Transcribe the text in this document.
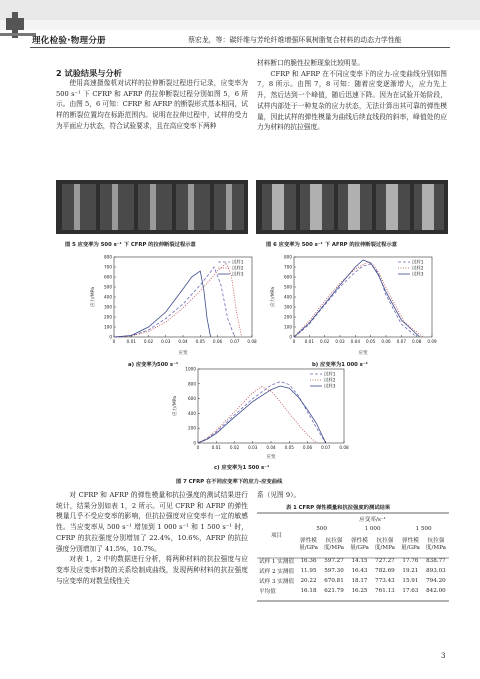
理化检验·物理分册	蔡宏龙，等：碳纤维与芳纶纤维增强环氧树脂复合材料的动态力学性能
2 试验结果与分析

使用高速摄像机对试样的拉伸断裂过程进行记录，应变率为 500 s⁻¹ 下 CFRP 和 AFRP 的拉伸断裂过程分别如图 5，6 所示。由图 5，6 可知：CFRP 和 AFRP 的断裂形式基本相同，试样的断裂位置均在标距范围内。说明在拉伸过程中，试样的受力为平面应力状态，符合试验要求，且在高应变率下两种

材料断口的脆性拉断现象比较明显。

CFRP 和 AFRP 在不同应变率下的应力-应变曲线分别如图 7，8 所示。由图 7，8 可知：随着应变逐渐增大，应力先上升，然后达到一个峰值，随后迅速下降。因为在试验开始阶段，试样内部处于一种复杂的应力状态，无法计算出其可靠的弹性模量，因此试样的弹性模量为曲线后续直线段的斜率，峰值处的应力为材料的抗拉强度。

图 5 应变率为 500 s⁻¹ 下 CFRP 的拉伸断裂过程示意	图 6 应变率为 500 s⁻¹ 下 AFRP 的拉伸断裂过程示意
0	0.01 0.02 0.03 0.04 0.05 0.06 0.07 0.08
0
100
200
300
400
500
600
700
800
应变
应力/MPa
试样1
试样2
试样3
a) 应变率为500 s⁻¹
0 0.01 0.02 0.03 0.04 0.05 0.06 0.07 0.08 0.09
0
100
200
300
400
500
600
700
800
应变
应力/MPa
试样1
试样2
试样3
b) 应变率为1 000 s⁻¹
0	0.01 0.02 0.03 0.04 0.05 0.06 0.07 0.08
0
200
400
600
800
1000
应变
应力/MPa
试样1
试样2
试样3
c) 应变率为1 500 s⁻¹
图 7 CFRP 在不同应变率下的应力-应变曲线

对 CFRP 和 AFRP 的弹性模量和抗拉强度的测试结果进行统计，结果分别如表 1，2 所示。可见 CFRP 和 AFRP 的弹性模量几乎不受应变率的影响，但抗拉强度对应变率有一定的敏感性。当应变率从 500 s⁻¹ 增加到 1 000 s⁻¹ 和 1 500 s⁻¹ 时，CFRP 的抗拉强度分别增加了 22.4%，10.6%，AFRP 的抗拉强度分别增加了 41.5%，10.7%。

对表 1，2 中的数据进行分析，将两种材料的抗拉强度与应变率及应变率对数的关系绘制成曲线，发现两种材料的抗拉强度与应变率的对数呈线性关

系（见图 9）。
表 1 CFRP 弹性模量和抗拉强度的测试结果
项目	应变率/s⁻¹					
	500		1 000		1 500	
	弹性模量/GPa	抗拉强度/MPa	弹性模量/GPa	抗拉强度/MPa	弹性模量/GPa	抗拉强度/MPa
试样 1 实测值	16.36	597.27	14.15	727.27	17.76	838.77
试样 2 实测值	11.95	597.30	16.43	782.69	19.21	893.03
试样 3 实测值	20.22	670.81	18.17	773.43	15.91	794.20
平均值	16.18	621.79	16.25	761.13	17.63	842.00
3
